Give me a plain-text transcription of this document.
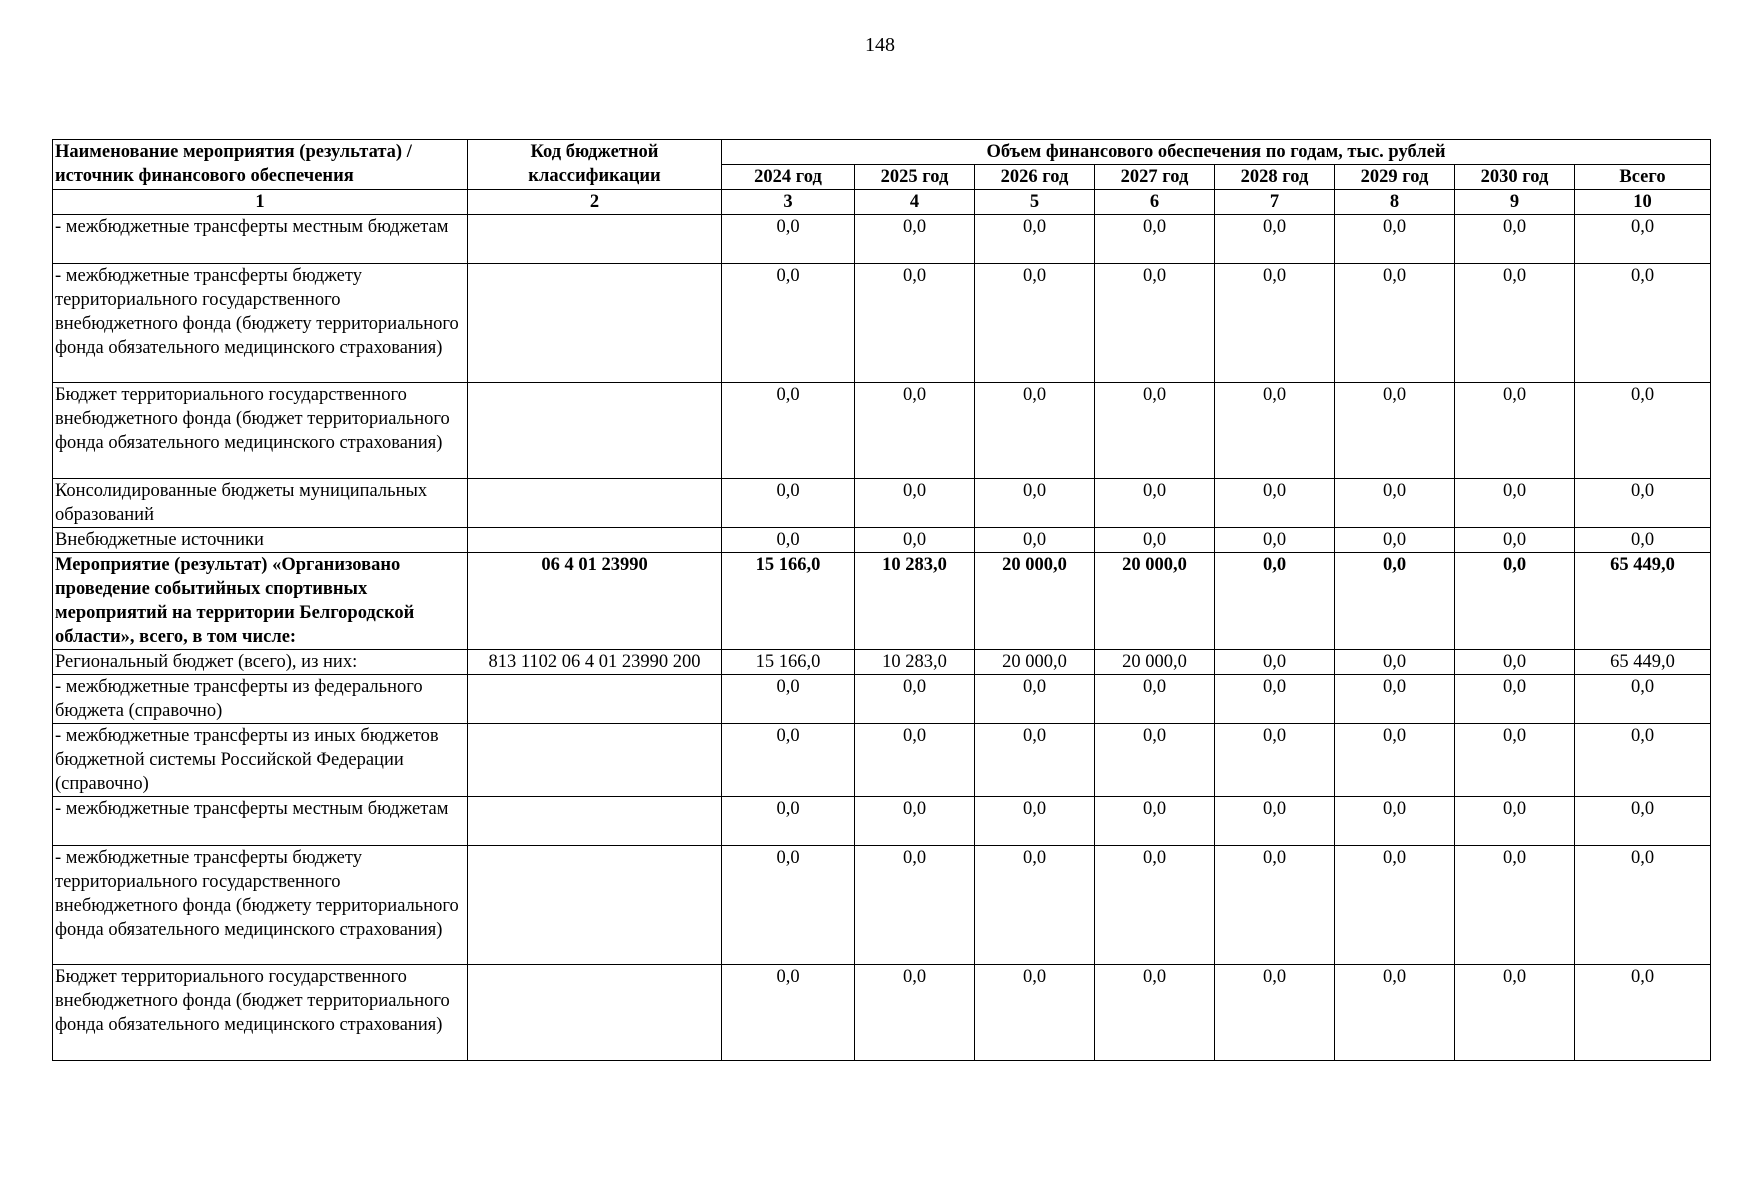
148
Наименование мероприятия (результата) /источник финансового обеспечения	Код бюджетной классификации	Объем финансового обеспечения по годам, тыс. рублей							
		2024 год	2025 год	2026 год	2027 год	2028 год	2029 год	2030 год	Всего
1	2	3	4	5	6	7	8	9	10
- межбюджетные трансферты местным бюджетам		0,0	0,0	0,0	0,0	0,0	0,0	0,0	0,0
- межбюджетные трансферты бюджету территориального государственного внебюджетного фонда (бюджету территориального фонда обязательного медицинского страхования)		0,0	0,0	0,0	0,0	0,0	0,0	0,0	0,0
Бюджет территориального государственного внебюджетного фонда (бюджет территориального фонда обязательного медицинского страхования)		0,0	0,0	0,0	0,0	0,0	0,0	0,0	0,0
Консолидированные бюджеты муниципальных образований		0,0	0,0	0,0	0,0	0,0	0,0	0,0	0,0
Внебюджетные источники		0,0	0,0	0,0	0,0	0,0	0,0	0,0	0,0
Мероприятие (результат) «Организовано проведение событийных спортивных мероприятий на территории Белгородской области», всего, в том числе:	06 4 01 23990	15 166,0	10 283,0	20 000,0	20 000,0	0,0	0,0	0,0	65 449,0
Региональный бюджет (всего), из них:	813 1102 06 4 01 23990 200	15 166,0	10 283,0	20 000,0	20 000,0	0,0	0,0	0,0	65 449,0
- межбюджетные трансферты из федерального бюджета (справочно)		0,0	0,0	0,0	0,0	0,0	0,0	0,0	0,0
- межбюджетные трансферты из иных бюджетов бюджетной системы Российской Федерации (справочно)		0,0	0,0	0,0	0,0	0,0	0,0	0,0	0,0
- межбюджетные трансферты местным бюджетам		0,0	0,0	0,0	0,0	0,0	0,0	0,0	0,0
- межбюджетные трансферты бюджету территориального государственного внебюджетного фонда (бюджету территориального фонда обязательного медицинского страхования)		0,0	0,0	0,0	0,0	0,0	0,0	0,0	0,0
Бюджет территориального государственного внебюджетного фонда (бюджет территориального фонда обязательного медицинского страхования)		0,0	0,0	0,0	0,0	0,0	0,0	0,0	0,0
